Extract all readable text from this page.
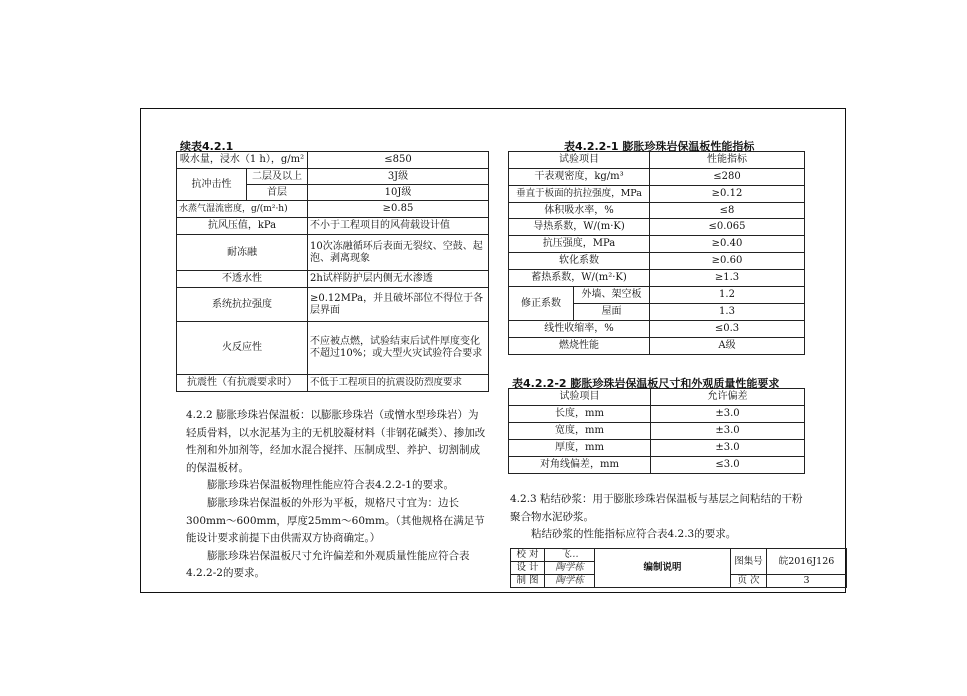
续表4.2.1
吸水量，浸水（1 h），g/m²		≤850
抗冲击性	二层及以上	3J级
	首层	10J级
水蒸气湿流密度，g/(m²·h)		≥0.85
抗风压值，kPa		不小于工程项目的风荷载设计值
耐冻融		10次冻融循环后表面无裂纹、空鼓、起泡、剥离现象
不透水性		2h试样防护层内侧无水渗透
系统抗拉强度		≥0.12MPa，并且破坏部位不得位于各层界面
火反应性		不应被点燃，试验结束后试件厚度变化不超过10%；或大型火灾试验符合要求
抗震性（有抗震要求时）		不低于工程项目的抗震设防烈度要求

4.2.2 膨胀珍珠岩保温板：以膨胀珍珠岩（或憎水型珍珠岩）为轻质骨料，以水泥基为主的无机胶凝材料（非钢花碱类）、掺加改性剂和外加剂等，经加水混合搅拌、压制成型、养护、切割制成的保温板材。

膨胀珍珠岩保温板物理性能应符合表4.2.2-1的要求。

膨胀珍珠岩保温板的外形为平板，规格尺寸宜为：边长300mm～600mm，厚度25mm～60mm。（其他规格在满足节能设计要求前提下由供需双方协商确定。）

膨胀珍珠岩保温板尺寸允许偏差和外观质量性能应符合表4.2.2-2的要求。

表4.2.2-1 膨胀珍珠岩保温板性能指标
试验项目		性能指标
干表观密度，kg/m³		≤280
垂直于板面的抗拉强度，MPa		≥0.12
体积吸水率，%		≤8
导热系数，W/(m·K)		≤0.065
抗压强度，MPa		≥0.40
软化系数		≥0.60
蓄热系数，W/(m²·K)		≥1.3
修正系数	外墙、架空板	1.2
	屋面	1.3
线性收缩率，%		≤0.3
燃烧性能		A级
表4.2.2-2 膨胀珍珠岩保温板尺寸和外观质量性能要求
试验项目	允许偏差
长度，mm	±3.0
宽度，mm	±3.0
厚度，mm	±3.0
对角线偏差，mm	≤3.0

4.2.3 粘结砂浆：用于膨胀珍珠岩保温板与基层之间粘结的干粉聚合物水泥砂浆。

粘结砂浆的性能指标应符合表4.2.3的要求。

校 对	飞…	编制说明	图集号	皖2016J126
设 计	陶学栋			
制 图	陶学栋		页 次	3
